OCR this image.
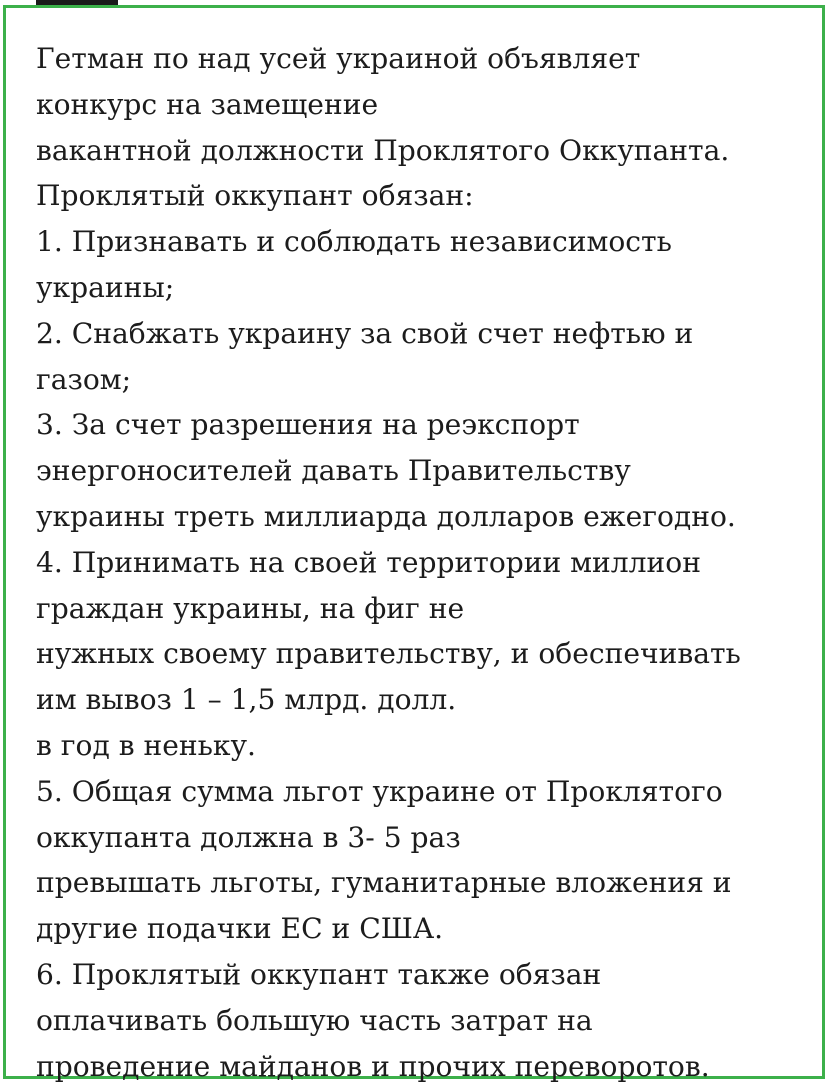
Гетман по над усей украиной объявляет
конкурс на замещение
вакантной должности Проклятого Оккупанта.
Проклятый оккупант обязан:
1. Признавать и соблюдать независимость
украины;
2. Снабжать украину за свой счет нефтью и
газом;
3. За счет разрешения на реэкспорт
энергоносителей давать Правительству
украины треть миллиарда долларов ежегодно.
4. Принимать на своей территории миллион
граждан украины, на фиг не
нужных своему правительству, и обеспечивать
им вывоз 1 – 1,5 млрд. долл.
в год в неньку.
5. Общая сумма льгот украине от Проклятого
оккупанта должна в 3- 5 раз
превышать льготы, гуманитарные вложения и
другие подачки ЕС и США.
6. Проклятый оккупант также обязан
оплачивать большую часть затрат на
проведение майданов и прочих переворотов.
